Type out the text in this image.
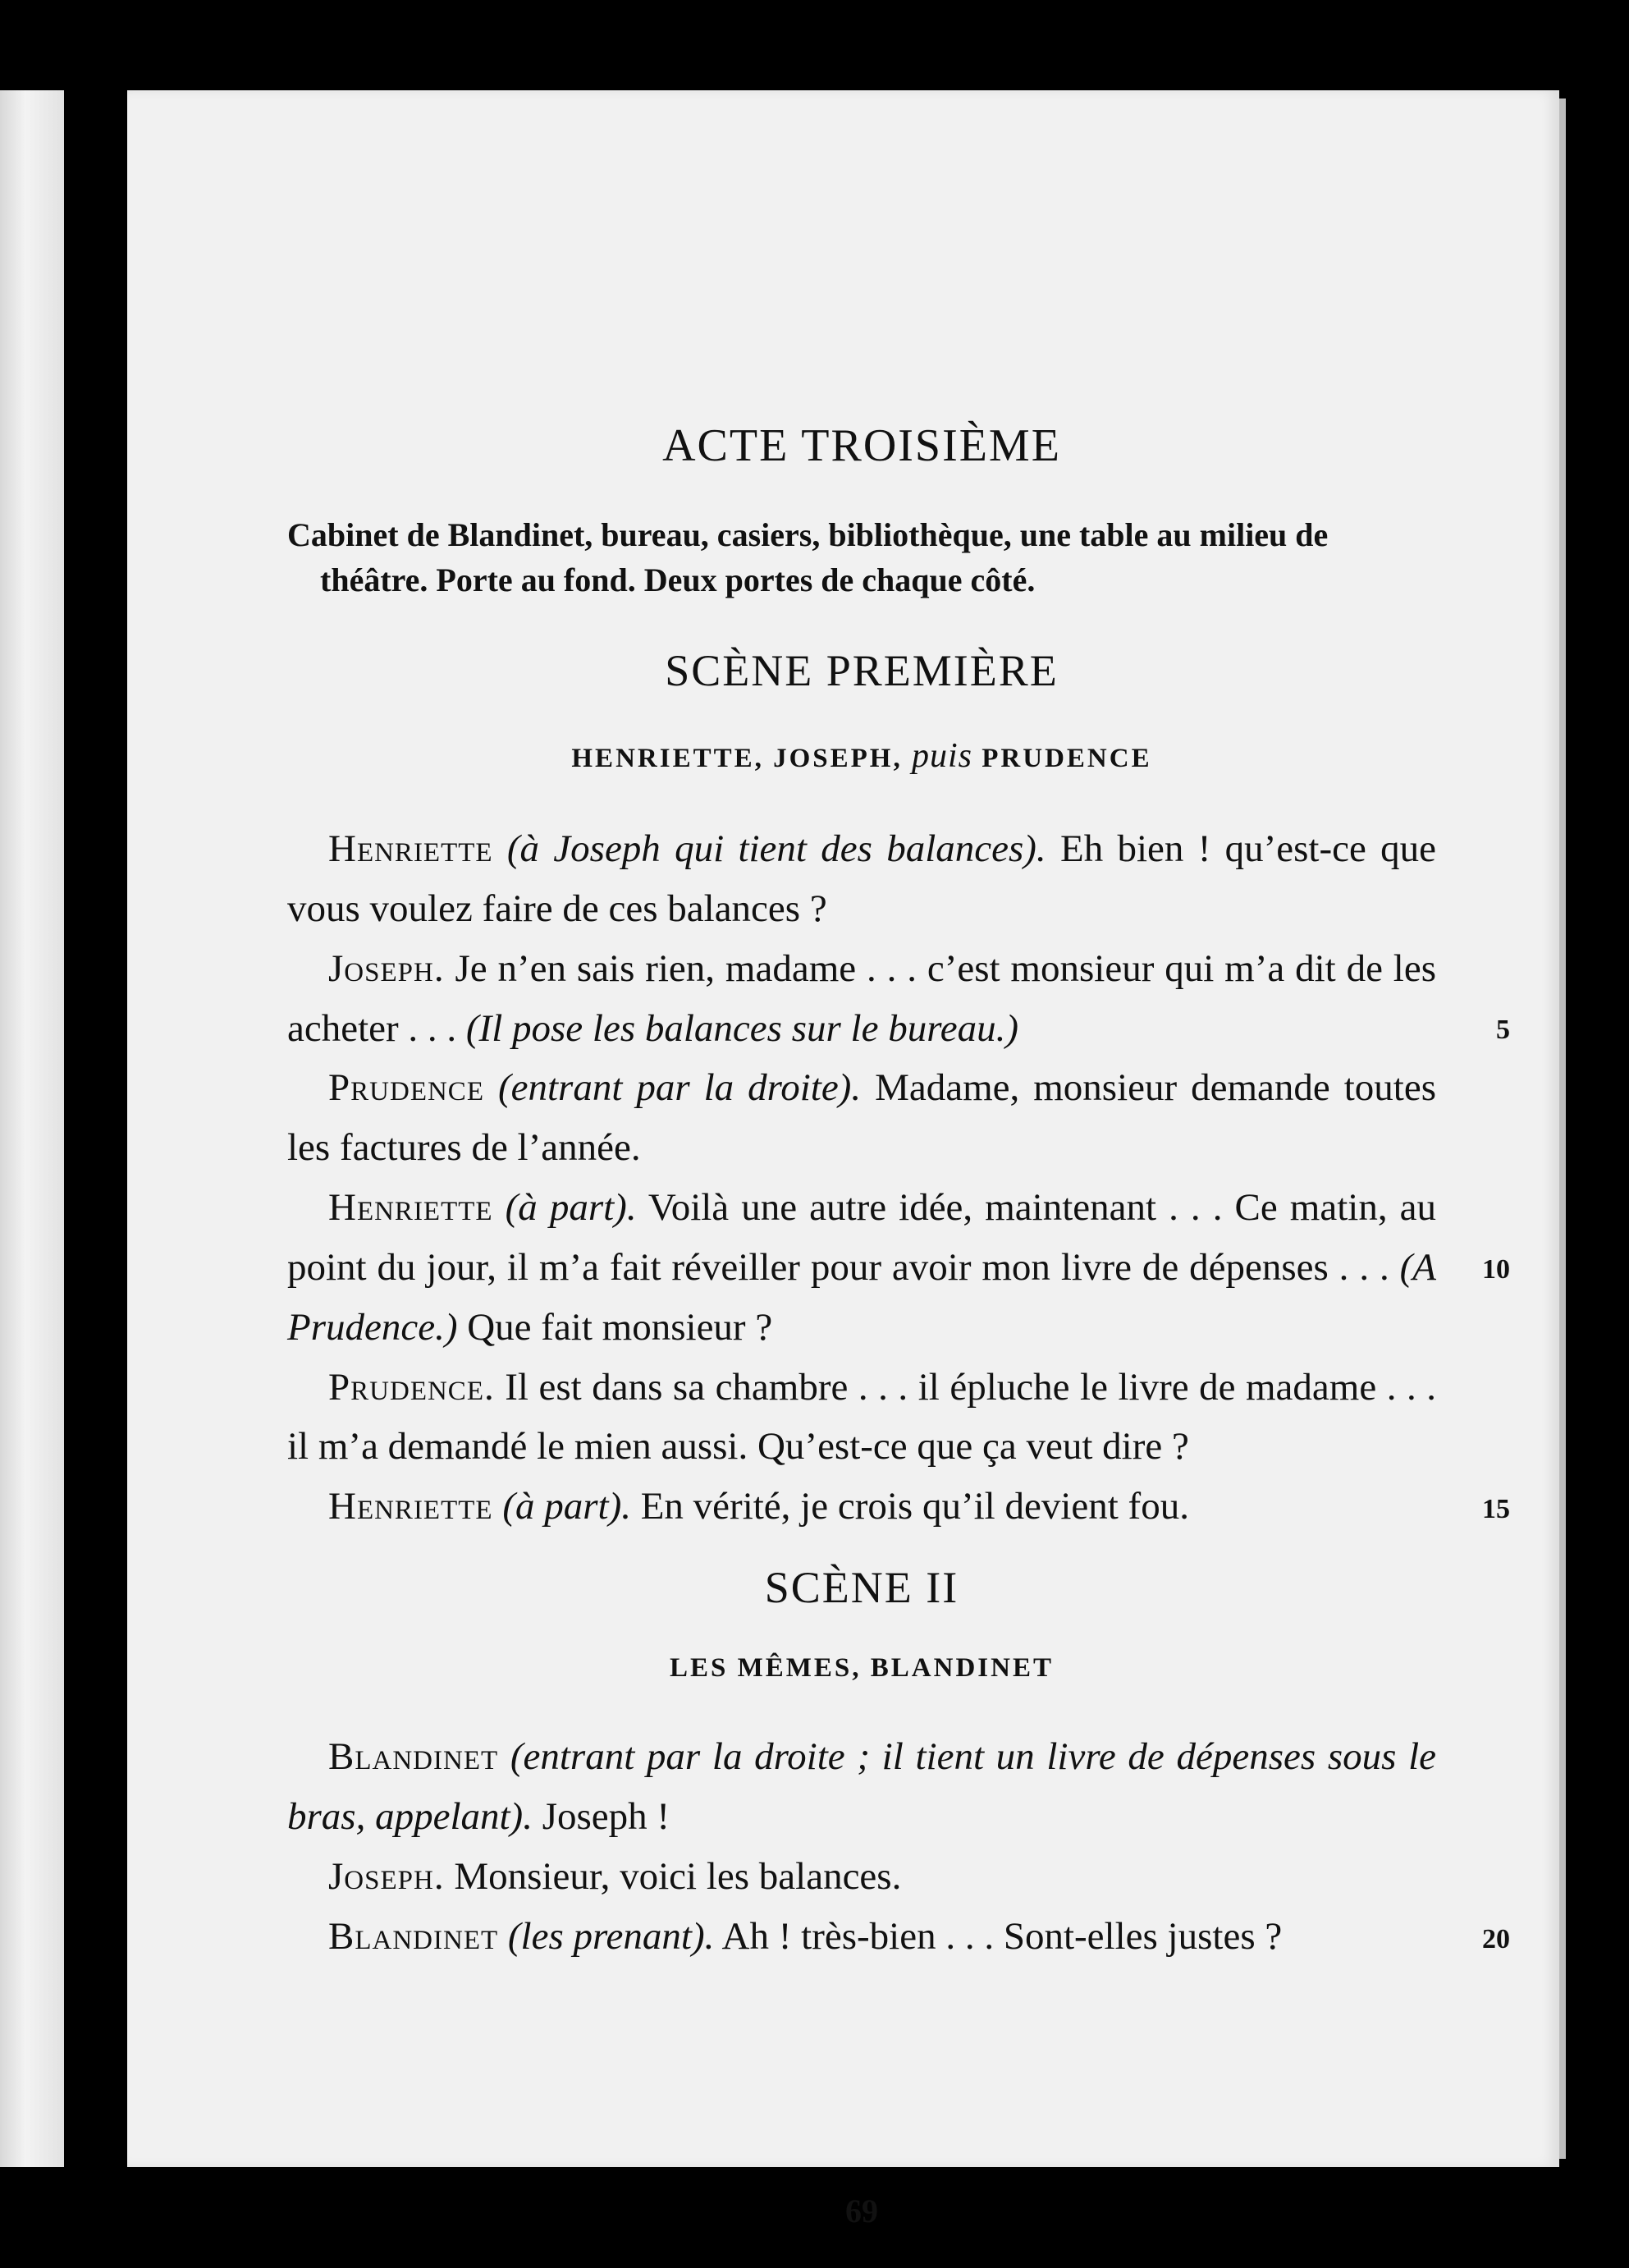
ACTE TROISIÈME
Cabinet de Blandinet, bureau, casiers, bibliothèque, une table au milieu de théâtre. Porte au fond. Deux portes de chaque côté.
SCÈNE PREMIÈRE
HENRIETTE, JOSEPH, puis PRUDENCE

Henriette (à Joseph qui tient des balances). Eh bien ! qu’est-ce que vous voulez faire de ces balances ?

Joseph. Je n’en sais rien, madame . . . c’est monsieur qui m’a dit de les acheter . . . (Il pose les balances sur le bureau.)	5

Prudence (entrant par la droite). Madame, monsieur demande toutes les factures de l’année.

Henriette (à part). Voilà une autre idée, maintenant . . . Ce matin, au point du jour, il m’a fait réveiller pour avoir mon livre de dépenses . . . (A Prudence.) Que fait monsieur ?
10

Prudence. Il est dans sa chambre . . . il épluche le livre de madame . . . il m’a demandé le mien aussi. Qu’est-ce que ça veut dire ?

Henriette (à part). En vérité, je crois qu’il devient fou.	15

SCÈNE II
LES MÊMES, BLANDINET

Blandinet (entrant par la droite ; il tient un livre de dépenses sous le bras, appelant). Joseph !

Joseph. Monsieur, voici les balances.

Blandinet (les prenant). Ah ! très-bien . . . Sont-elles justes ?	20

69
